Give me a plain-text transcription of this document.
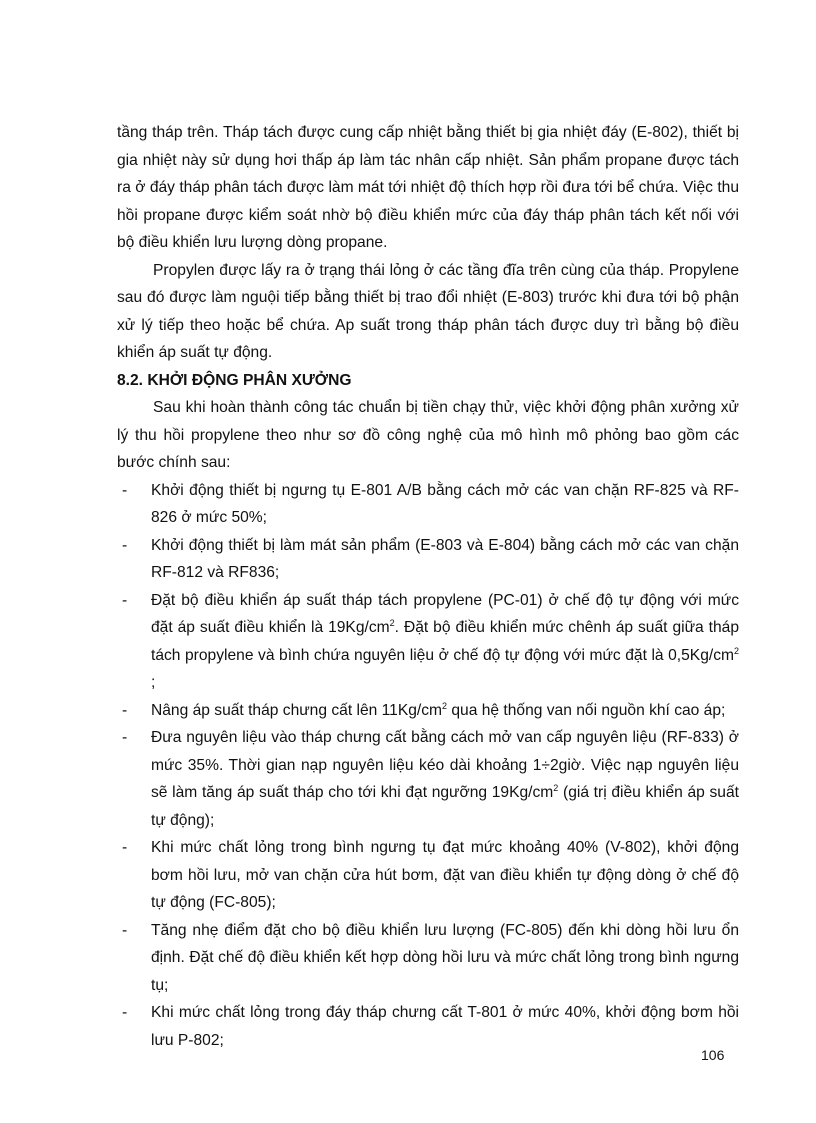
tầng tháp trên. Tháp tách được cung cấp nhiệt bằng thiết bị gia nhiệt đáy (E-802), thiết bị gia nhiệt này sử dụng hơi thấp áp làm tác nhân cấp nhiệt. Sản phẩm propane được tách ra ở đáy tháp phân tách được làm mát tới nhiệt độ thích hợp rồi đưa tới bể chứa. Việc thu hồi propane được kiểm soát nhờ bộ điều khiển mức của đáy tháp phân tách kết nối với bộ điều khiển lưu lượng dòng propane.

Propylen được lấy ra ở trạng thái lỏng ở các tầng đĩa trên cùng của tháp. Propylene sau đó được làm nguội tiếp bằng thiết bị trao đổi nhiệt (E-803) trước khi đưa tới bộ phận xử lý tiếp theo hoặc bể chứa. Ap suất trong tháp phân tách được duy trì bằng bộ điều khiển áp suất tự động.

8.2. KHỞI ĐỘNG PHÂN XƯỞNG

Sau khi hoàn thành công tác chuẩn bị tiền chạy thử, việc khởi động phân xưởng xử lý thu hồi propylene theo như sơ đồ công nghệ của mô hình mô phỏng bao gồm các bước chính sau:

- Khởi động thiết bị ngưng tụ E-801 A/B bằng cách mở các van chặn RF-825 và RF-826 ở mức 50%;
- Khởi động thiết bị làm mát sản phẩm (E-803 và E-804) bằng cách mở các van chặn RF-812 và RF836;
- Đặt bộ điều khiển áp suất tháp tách propylene (PC-01) ở chế độ tự động với mức đặt áp suất điều khiển là $19Kg/cm^2$. Đặt bộ điều khiển mức chênh áp suất giữa tháp tách propylene và bình chứa nguyên liệu ở chế độ tự động với mức đặt là $0,5Kg/cm^2$ ;
- Nâng áp suất tháp chưng cất lên $11Kg/cm^2$ qua hệ thống van nối nguồn khí cao áp;
- Đưa nguyên liệu vào tháp chưng cất bằng cách mở van cấp nguyên liệu (RF-833) ở mức 35%. Thời gian nạp nguyên liệu kéo dài khoảng 1÷2giờ. Việc nạp nguyên liệu sẽ làm tăng áp suất tháp cho tới khi đạt ngưỡng $19Kg/cm^2$ (giá trị điều khiển áp suất tự động);
- Khi mức chất lỏng trong bình ngưng tụ đạt mức khoảng 40% (V-802), khởi động bơm hồi lưu, mở van chặn cửa hút bơm, đặt van điều khiển tự động dòng ở chế độ tự động (FC-805);
- Tăng nhẹ điểm đặt cho bộ điều khiển lưu lượng (FC-805) đến khi dòng hồi lưu ổn định. Đặt chế độ điều khiển kết hợp dòng hồi lưu và mức chất lỏng trong bình ngưng tụ;
- Khi mức chất lỏng trong đáy tháp chưng cất T-801 ở mức 40%, khởi động bơm hồi lưu P-802;
106
